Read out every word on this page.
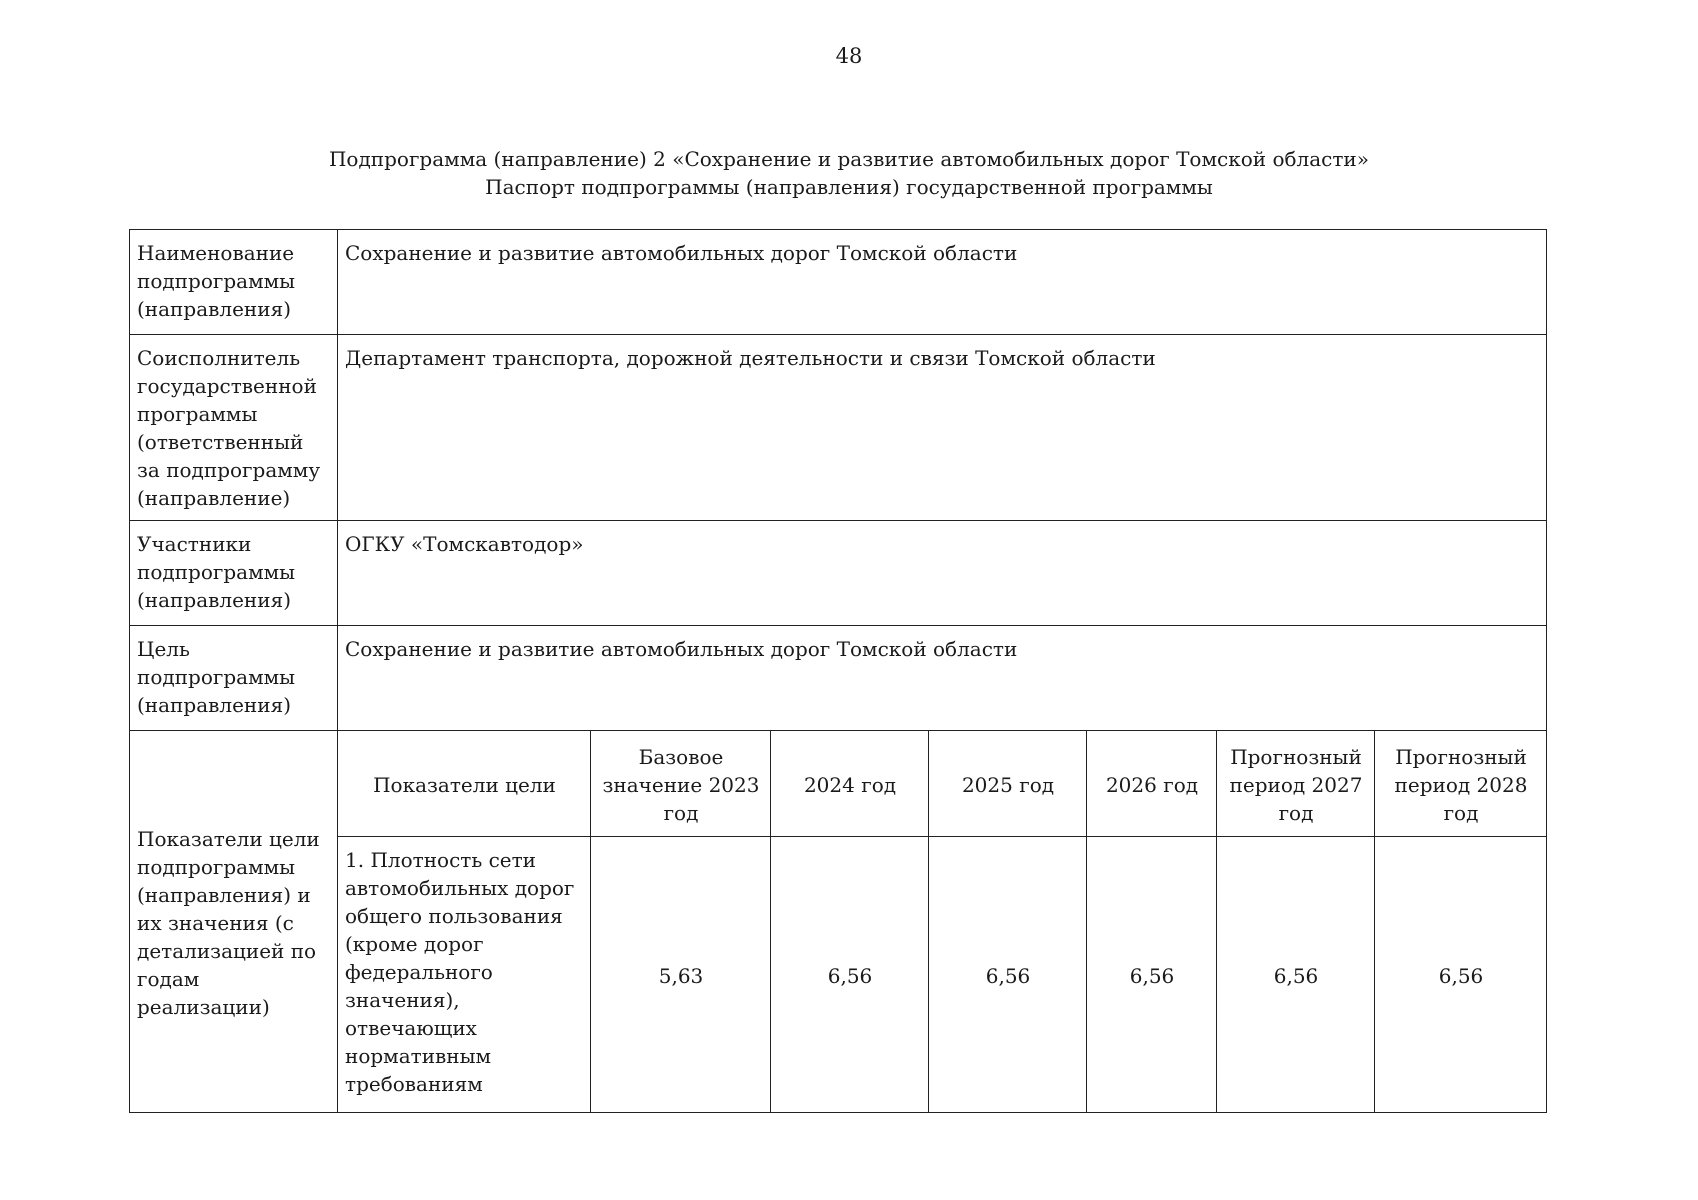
48
Подпрограмма (направление) 2 «Сохранение и развитие автомобильных дорог Томской области»
Паспорт подпрограммы (направления) государственной программы
Наименование подпрограммы (направления)	Сохранение и развитие автомобильных дорог Томской области						
Соисполнитель государственной программы (ответственный за подпрограмму (направление)	Департамент транспорта, дорожной деятельности и связи Томской области						
Участники подпрограммы (направления)	ОГКУ «Томскавтодор»						
Цель подпрограммы (направления)	Сохранение и развитие автомобильных дорог Томской области						
Показатели цели подпрограммы (направления) и их значения (с детализацией по годам реализации)	Показатели цели	Базовое значение 2023 год	2024 год	2025 год	2026 год	Прогнозный период 2027 год	Прогнозный период 2028 год
	1. Плотность сети автомобильных дорог общего пользования (кроме дорог федерального значения), отвечающих нормативным требованиям	5,63	6,56	6,56	6,56	6,56	6,56
